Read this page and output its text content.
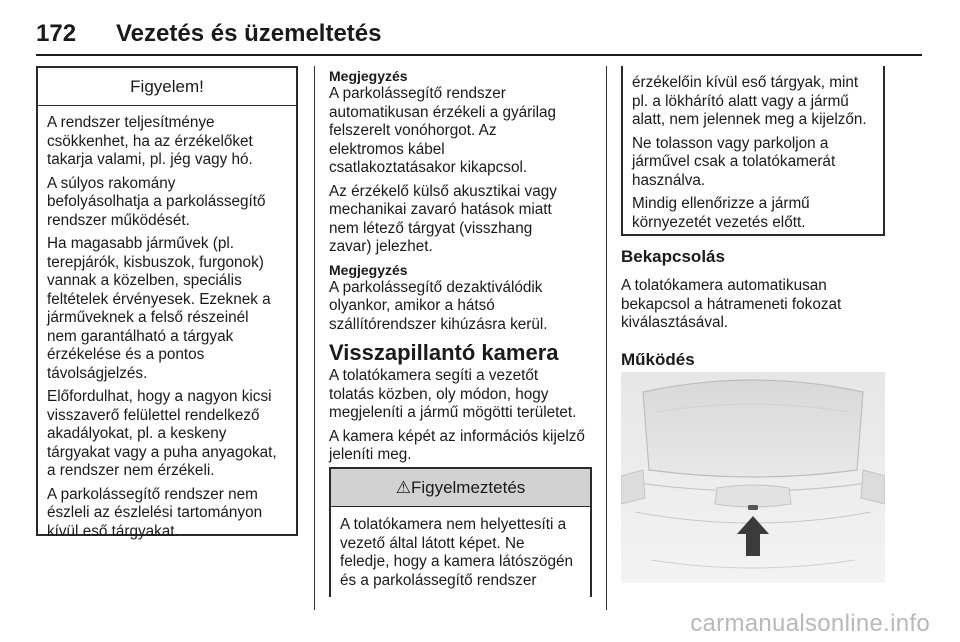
172 Vezetés és üzemeltetés
Figyelem!

A rendszer teljesítménye
csökkenhet, ha az érzékelőket
takarja valami, pl. jég vagy hó.

A súlyos rakomány
befolyásolhatja a parkolássegítő
rendszer működését.

Ha magasabb járművek (pl.
terepjárók, kisbuszok, furgonok)
vannak a közelben, speciális
feltételek érvényesek. Ezeknek a
járműveknek a felső részeinél
nem garantálható a tárgyak
érzékelése és a pontos
távolságjelzés.

Előfordulhat, hogy a nagyon kicsi
visszaverő felülettel rendelkező
akadályokat, pl. a keskeny
tárgyakat vagy a puha anyagokat,
a rendszer nem érzékeli.

A parkolássegítő rendszer nem
észleli az észlelési tartományon
kívül eső tárgyakat.

Megjegyzés

A parkolássegítő rendszer
automatikusan érzékeli a gyárilag
felszerelt vonóhorgot. Az
elektromos kábel
csatlakoztatásakor kikapcsol.

Az érzékelő külső akusztikai vagy
mechanikai zavaró hatások miatt
nem létező tárgyat (visszhang
zavar) jelezhet.

Megjegyzés

A parkolássegítő dezaktiválódik
olyankor, amikor a hátsó
szállítórendszer kihúzásra kerül.

Visszapillantó kamera

A tolatókamera segíti a vezetőt
tolatás közben, oly módon, hogy
megjeleníti a jármű mögötti területet.

A kamera képét az információs kijelző
jeleníti meg.

⚠Figyelmeztetés

A tolatókamera nem helyettesíti a
vezető által látott képet. Ne
feledje, hogy a kamera látószögén
és a parkolássegítő rendszer

érzékelőin kívül eső tárgyak, mint
pl. a lökhárító alatt vagy a jármű
alatt, nem jelennek meg a kijelzőn.

Ne tolasson vagy parkoljon a
járművel csak a tolatókamerát
használva.

Mindig ellenőrizze a jármű
környezetét vezetés előtt.

Bekapcsolás

A tolatókamera automatikusan
bekapcsol a hátrameneti fokozat
kiválasztásával.

Működés
carmanualsonline.info
